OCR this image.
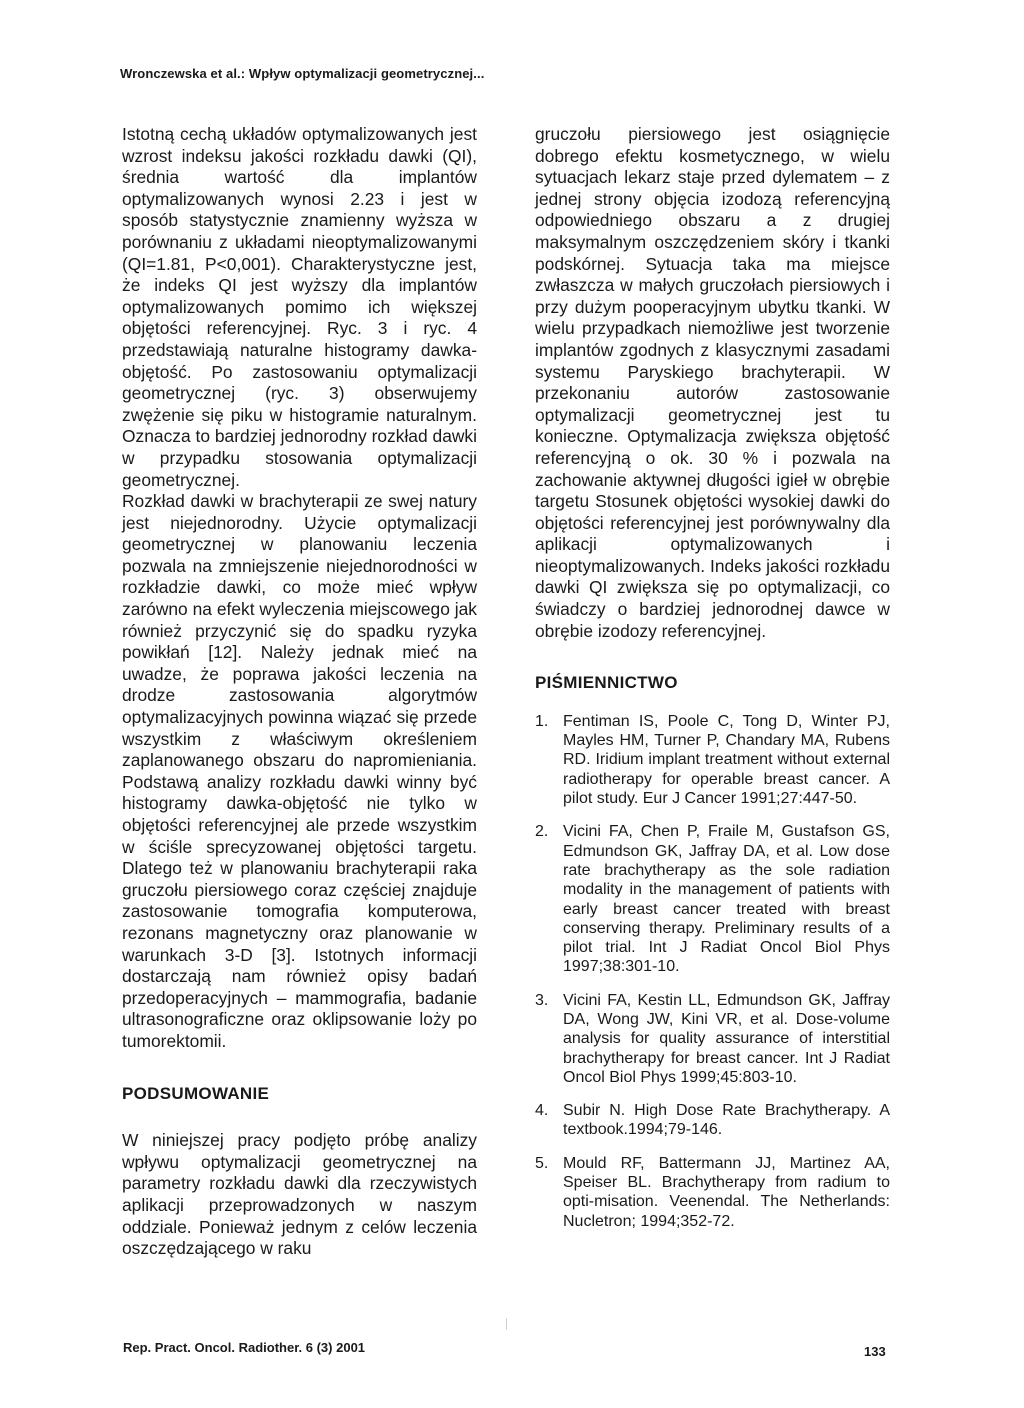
Wronczewska et al.: Wpływ optymalizacji geometrycznej...

Istotną cechą układów optymalizowanych jest wzrost indeksu jakości rozkładu dawki (QI), średnia wartość dla implantów optymalizowanych wynosi 2.23 i jest w sposób statystycznie znamienny wyższa w porównaniu z układami nieoptymalizowanymi (QI=1.81, P<0,001). Charakterystyczne jest, że indeks QI jest wyższy dla implantów optymalizowanych pomimo ich większej objętości referencyjnej. Ryc. 3 i ryc. 4 przedstawiają naturalne histogramy dawka-objętość. Po zastosowaniu optymalizacji geometrycznej (ryc. 3) obserwujemy zwężenie się piku w histogramie naturalnym. Oznacza to bardziej jednorodny rozkład dawki w przypadku stosowania optymalizacji geometrycznej.

Rozkład dawki w brachyterapii ze swej natury jest niejednorodny. Użycie optymalizacji geometrycznej w planowaniu leczenia pozwala na zmniejszenie niejednorodności w rozkładzie dawki, co może mieć wpływ zarówno na efekt wyleczenia miejscowego jak również przyczynić się do spadku ryzyka powikłań [12]. Należy jednak mieć na uwadze, że poprawa jakości leczenia na drodze zastosowania algorytmów optymalizacyjnych powinna wiązać się przede wszystkim z właściwym określeniem zaplanowanego obszaru do napromieniania. Podstawą analizy rozkładu dawki winny być histogramy dawka-objętość nie tylko w objętości referencyjnej ale przede wszystkim w ściśle sprecyzowanej objętości targetu. Dlatego też w planowaniu brachyterapii raka gruczołu piersiowego coraz częściej znajduje zastosowanie tomografia komputerowa, rezonans magnetyczny oraz planowanie w warunkach 3-D [3]. Istotnych informacji dostarczają nam również opisy badań przedoperacyjnych – mammografia, badanie ultrasonograficzne oraz oklipsowanie loży po tumorektomii.

PODSUMOWANIE

W niniejszej pracy podjęto próbę analizy wpływu optymalizacji geometrycznej na parametry rozkładu dawki dla rzeczywistych aplikacji przeprowadzonych w naszym oddziale. Ponieważ jednym z celów leczenia oszczędzającego w raku

gruczołu piersiowego jest osiągnięcie dobrego efektu kosmetycznego, w wielu sytuacjach lekarz staje przed dylematem – z jednej strony objęcia izodozą referencyjną odpowiedniego obszaru a z drugiej maksymalnym oszczędzeniem skóry i tkanki podskórnej. Sytuacja taka ma miejsce zwłaszcza w małych gruczołach piersiowych i przy dużym pooperacyjnym ubytku tkanki. W wielu przypadkach niemożliwe jest tworzenie implantów zgodnych z klasycznymi zasadami systemu Paryskiego brachyterapii. W przekonaniu autorów zastosowanie optymalizacji geometrycznej jest tu konieczne. Optymalizacja zwiększa objętość referencyjną o ok. 30 % i pozwala na zachowanie aktywnej długości igieł w obrębie targetu Stosunek objętości wysokiej dawki do objętości referencyjnej jest porównywalny dla aplikacji optymalizowanych i nieoptymalizowanych. Indeks jakości rozkładu dawki QI zwiększa się po optymalizacji, co świadczy o bardziej jednorodnej dawce w obrębie izodozy referencyjnej.

PIŚMIENNICTWO
1. Fentiman IS, Poole C, Tong D, Winter PJ, Mayles HM, Turner P, Chandary MA, Rubens RD. Iridium implant treatment without external radiotherapy for operable breast cancer. A pilot study. Eur J Cancer 1991;27:447-50.
2. Vicini FA, Chen P, Fraile M, Gustafson GS, Edmundson GK, Jaffray DA, et al. Low dose rate brachytherapy as the sole radiation modality in the management of patients with early breast cancer treated with breast conserving therapy. Preliminary results of a pilot trial. Int J Radiat Oncol Biol Phys 1997;38:301-10.
3. Vicini FA, Kestin LL, Edmundson GK, Jaffray DA, Wong JW, Kini VR, et al. Dose-volume analysis for quality assurance of interstitial brachytherapy for breast cancer. Int J Radiat Oncol Biol Phys 1999;45:803-10.
4. Subir N. High Dose Rate Brachytherapy. A textbook.1994;79-146.
5. Mould RF, Battermann JJ, Martinez AA, Speiser BL. Brachytherapy from radium to opti-misation. Veenendal. The Netherlands: Nucletron; 1994;352-72.
Rep. Pract. Oncol. Radiother. 6 (3) 2001	133
